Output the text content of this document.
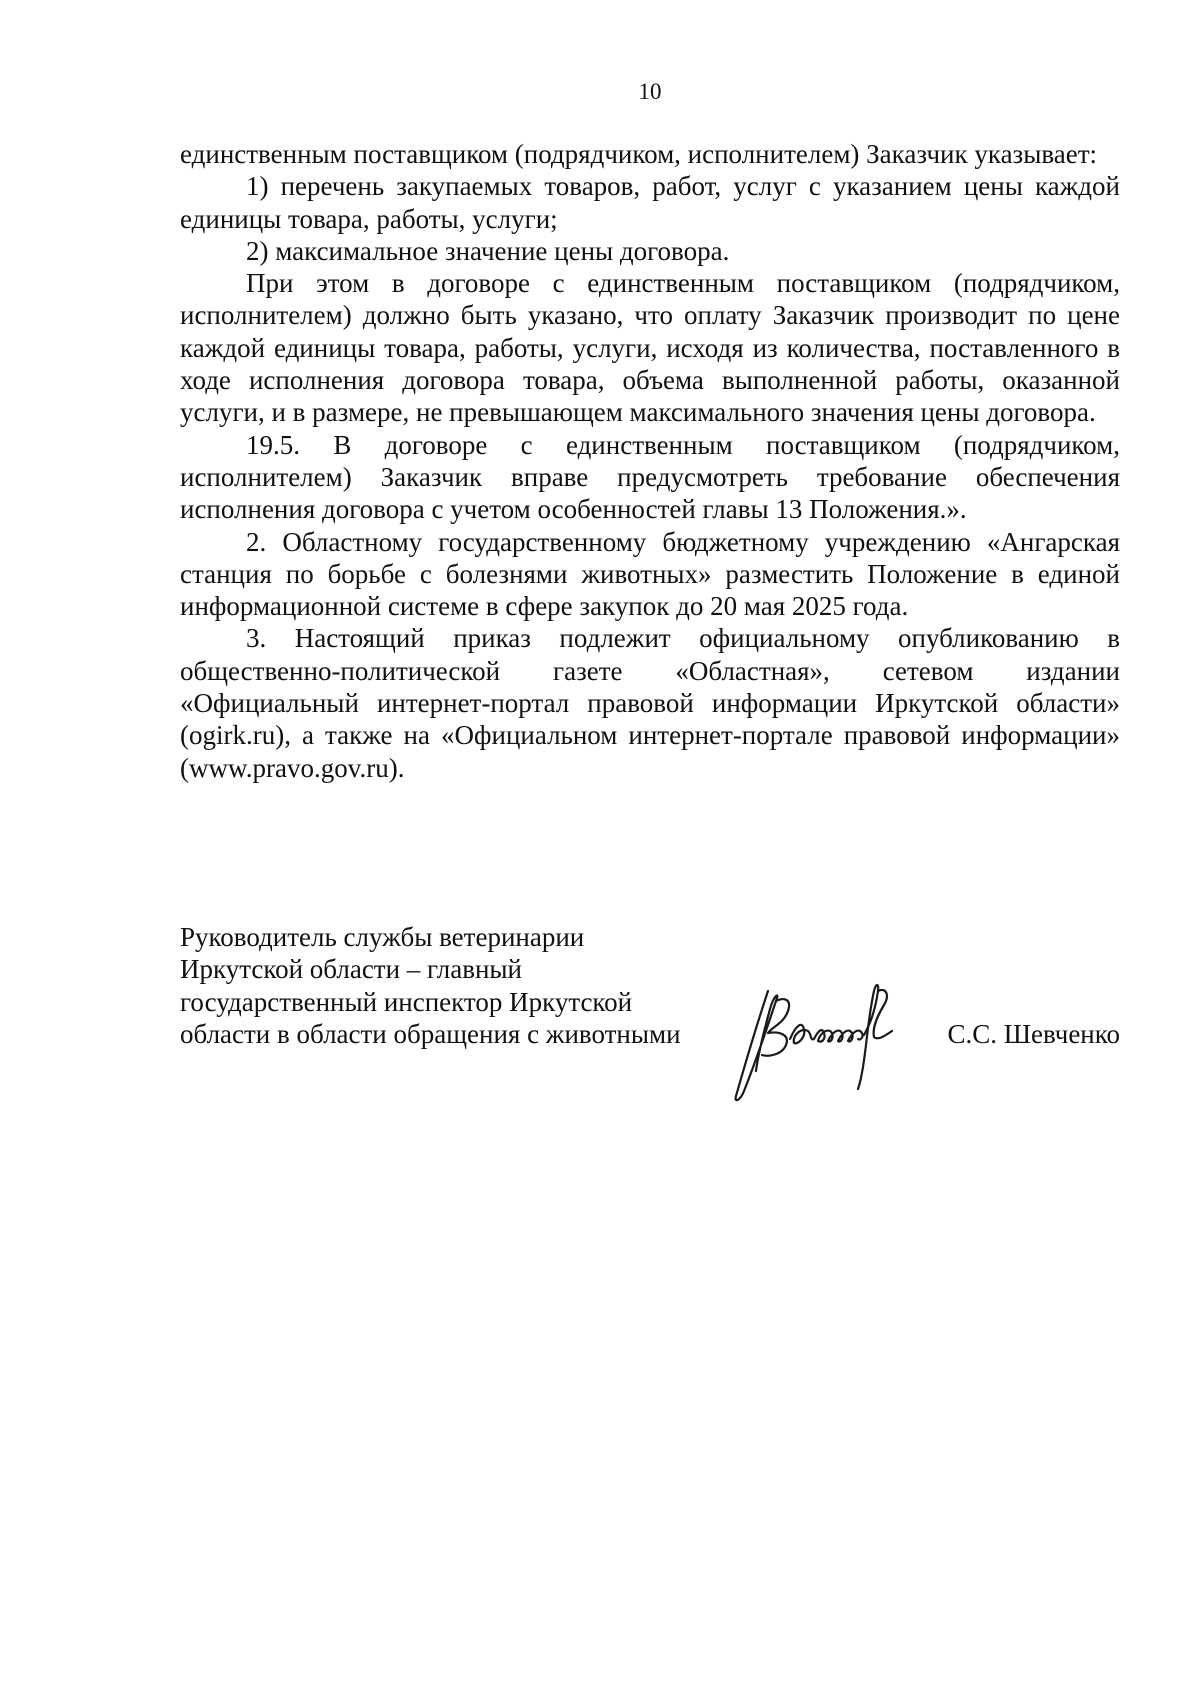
10

единственным поставщиком (подрядчиком, исполнителем) Заказчик указывает:

1) перечень закупаемых товаров, работ, услуг с указанием цены каждой единицы товара, работы, услуги;

2) максимальное значение цены договора.

При этом в договоре с единственным поставщиком (подрядчиком, исполнителем) должно быть указано, что оплату Заказчик производит по цене каждой единицы товара, работы, услуги, исходя из количества, поставленного в ходе исполнения договора товара, объема выполненной работы, оказанной услуги, и в размере, не превышающем максимального значения цены договора.

19.5. В договоре с единственным поставщиком (подрядчиком, исполнителем) Заказчик вправе предусмотреть требование обеспечения исполнения договора с учетом особенностей главы 13 Положения.».

2. Областному государственному бюджетному учреждению «Ангарская станция по борьбе с болезнями животных» разместить Положение в единой информационной системе в сфере закупок до 20 мая 2025 года.

3. Настоящий приказ подлежит официальному опубликованию в общественно-политической газете «Областная», сетевом издании «Официальный интернет-портал правовой информации Иркутской области» (ogirk.ru), а также на «Официальном интернет-портале правовой информации» (www.pravo.gov.ru).

Руководитель службы ветеринарии
Иркутской области – главный
государственный инспектор Иркутской
области в области обращения с животными	С.С. Шевченко
